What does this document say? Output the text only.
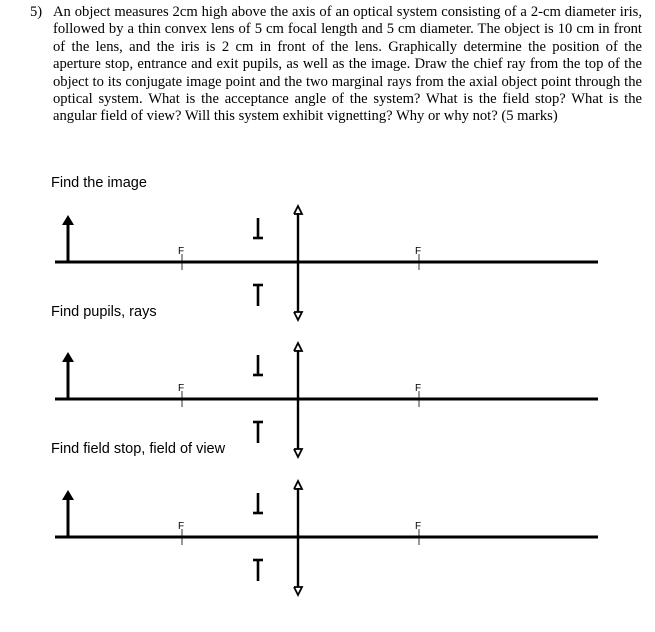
5) An object measures 2cm high above the axis of an optical system consisting of a 2-cm diameter iris, followed by a thin convex lens of 5 cm focal length and 5 cm diameter. The object is 10 cm in front of the lens, and the iris is 2 cm in front of the lens. Graphically determine the position of the aperture stop, entrance and exit pupils, as well as the image. Draw the chief ray from the top of the object to its conjugate image point and the two marginal rays from the axial object point through the optical system. What is the acceptance angle of the system? What is the field stop? What is the angular field of view? Will this system exhibit vignetting? Why or why not? (5 marks)
Find the image
F	F
Find pupils, rays
F	F
Find field stop, field of view
F	F
